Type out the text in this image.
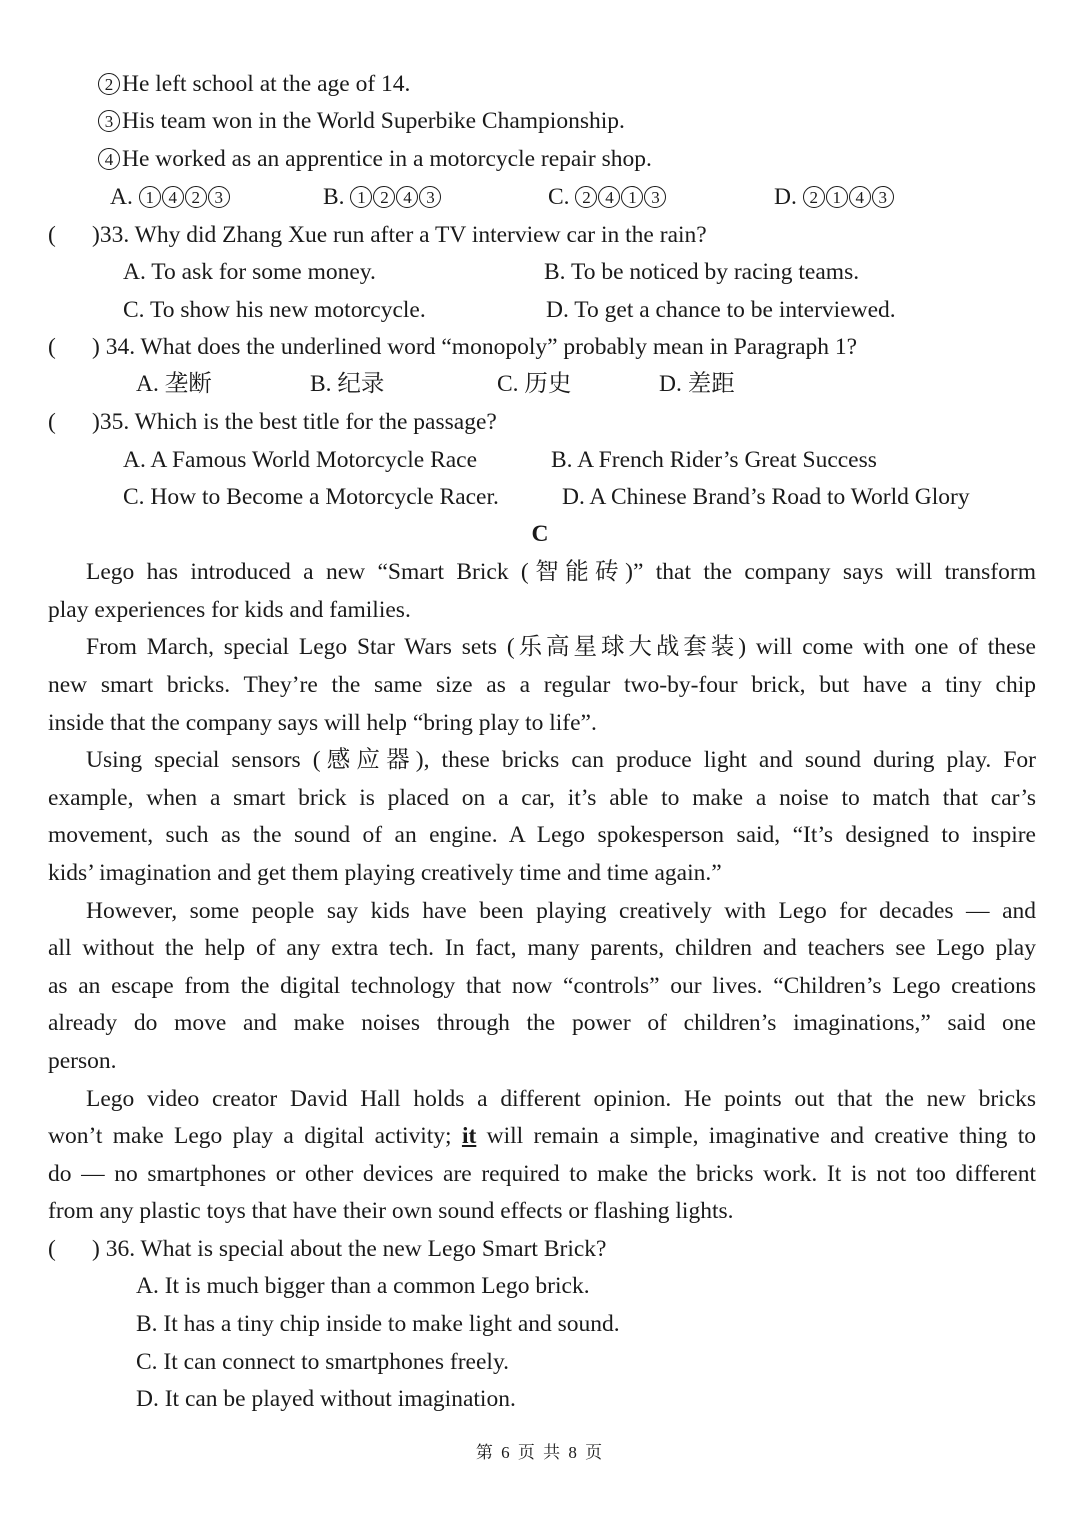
2 He left school at the age of 14.
3 His team won in the World Superbike Championship.
4 He worked as an apprentice in a motorcycle repair shop.
A. 1 4 2 3	B. 1 2 4 3	C. 2 4 1 3	D. 2 1 4 3
( )33. Why did Zhang Xue run after a TV interview car in the rain?
A. To ask for some money.	B. To be noticed by racing teams.
C. To show his new motorcycle.	D. To get a chance to be interviewed.
( ) 34. What does the underlined word “monopoly” probably mean in Paragraph 1?
A. 垄断	B. 纪录	C. 历史	D. 差距
( )35. Which is the best title for the passage?
A. A Famous World Motorcycle Race	B. A French Rider’s Great Success
C. How to Become a Motorcycle Racer.	D. A Chinese Brand’s Road to World Glory
C
Lego has introduced a new “Smart Brick (智能砖)” that the company says will transform
play experiences for kids and families.
From March, special Lego Star Wars sets (乐高星球大战套装) will come with one of these
new smart bricks. They’re the same size as a regular two-by-four brick, but have a tiny chip
inside that the company says will help “bring play to life”.
Using special sensors (感应器), these bricks can produce light and sound during play. For
example, when a smart brick is placed on a car, it’s able to make a noise to match that car’s
movement, such as the sound of an engine. A Lego spokesperson said, “It’s designed to inspire
kids’ imagination and get them playing creatively time and time again.”
However, some people say kids have been playing creatively with Lego for decades — and
all without the help of any extra tech. In fact, many parents, children and teachers see Lego play
as an escape from the digital technology that now “controls” our lives. “Children’s Lego creations
already do move and make noises through the power of children’s imaginations,” said one
person.
Lego video creator David Hall holds a different opinion. He points out that the new bricks
won’t make Lego play a digital activity; it will remain a simple, imaginative and creative thing to
do — no smartphones or other devices are required to make the bricks work. It is not too different
from any plastic toys that have their own sound effects or flashing lights.
( ) 36. What is special about the new Lego Smart Brick?
A. It is much bigger than a common Lego brick.
B. It has a tiny chip inside to make light and sound.
C. It can connect to smartphones freely.
D. It can be played without imagination.
第 6 页 共 8 页
